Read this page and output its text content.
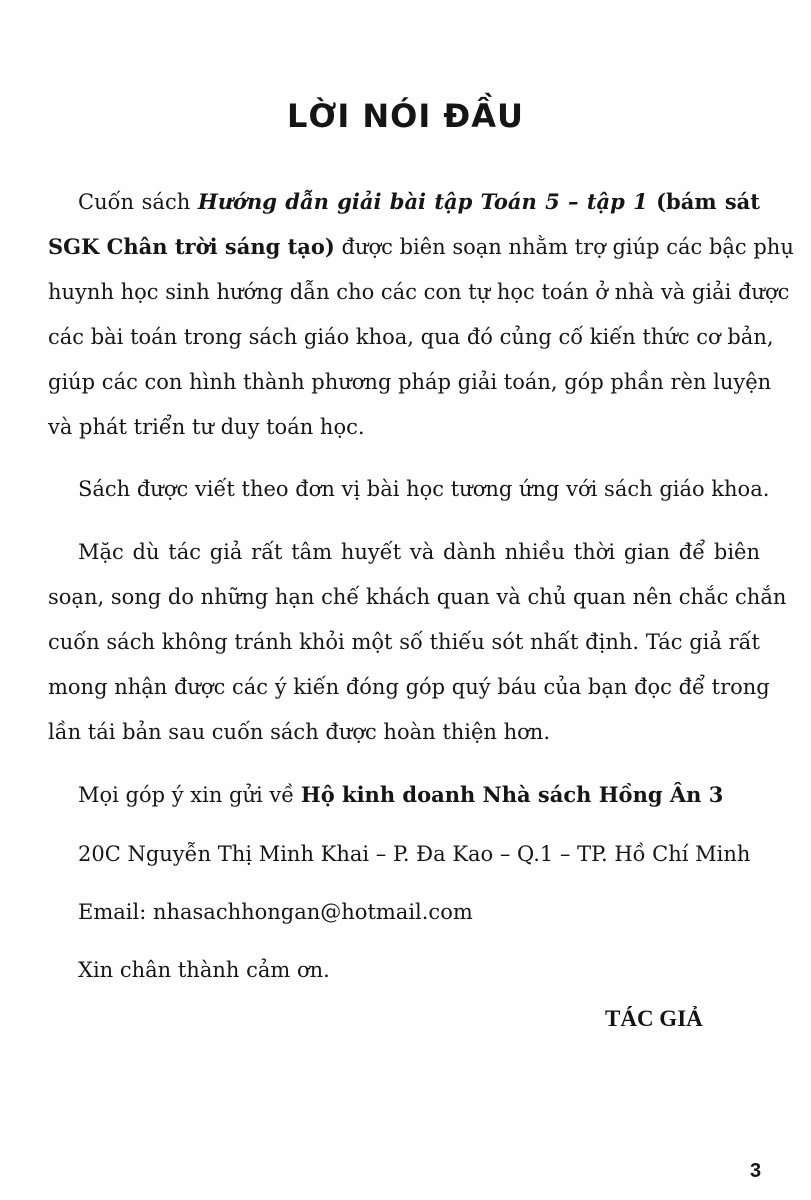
LỜI NÓI ĐẦU
Cuốn sách Hướng dẫn giải bài tập Toán 5 – tập 1 (bám sát
SGK Chân trời sáng tạo) được biên soạn nhằm trợ giúp các bậc phụ
huynh học sinh hướng dẫn cho các con tự học toán ở nhà và giải được
các bài toán trong sách giáo khoa, qua đó củng cố kiến thức cơ bản,
giúp các con hình thành phương pháp giải toán, góp phần rèn luyện
và phát triển tư duy toán học.
Sách được viết theo đơn vị bài học tương ứng với sách giáo khoa.
Mặc dù tác giả rất tâm huyết và dành nhiều thời gian để biên
soạn, song do những hạn chế khách quan và chủ quan nên chắc chắn
cuốn sách không tránh khỏi một số thiếu sót nhất định. Tác giả rất
mong nhận được các ý kiến đóng góp quý báu của bạn đọc để trong
lần tái bản sau cuốn sách được hoàn thiện hơn.
Mọi góp ý xin gửi về Hộ kinh doanh Nhà sách Hồng Ân 3
20C Nguyễn Thị Minh Khai – P. Đa Kao – Q.1 – TP. Hồ Chí Minh
Email: nhasachhongan@hotmail.com
Xin chân thành cảm ơn.
TÁC GIẢ
3
